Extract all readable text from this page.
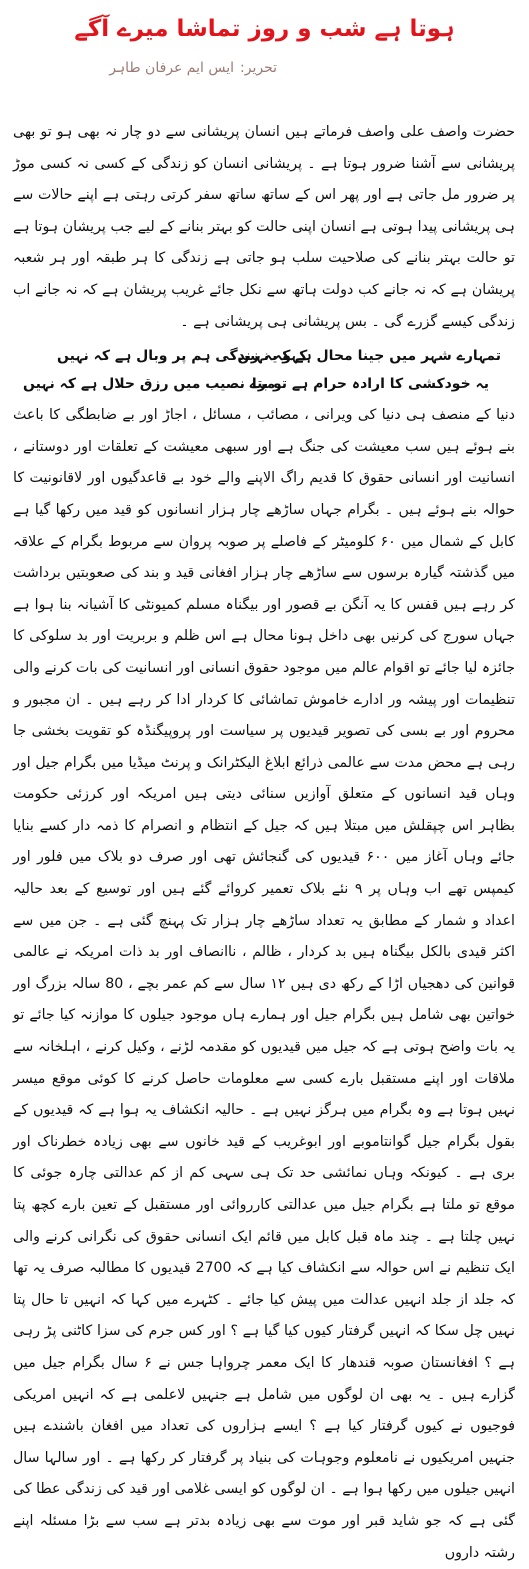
ہوتا ہے شب و روز تماشا میرے آگے
تحریر:ایس ایم عرفان طاہر

حضرت واصف علی واصف فرماتے ہیں انسان پریشانی سے دو چار نہ بھی ہو تو بھی پریشانی سے آشنا ضرور ہوتا ہے ۔ پریشانی انسان کو زندگی کے کسی نہ کسی موڑ پر ضرور مل جاتی ہے اور پھر اس کے ساتھ ساتھ سفر کرتی رہتی ہے اپنے حالات سے ہی پریشانی پیدا ہوتی ہے انسان اپنی حالت کو بہتر بنانے کے لیے جب پریشان ہوتا ہے تو حالت بہتر بنانے کی صلاحیت سلب ہو جاتی ہے زندگی کا ہر طبقہ اور ہر شعبہ پریشان ہے کہ نہ جانے کب دولت ہاتھ سے نکل جائے غریب پریشان ہے کہ نہ جانے اب زندگی کیسے گزرے گی ۔ بس پریشانی ہی پریشانی ہے ۔

تمہارے شہر میں جینا محال ہے کہ نہیں
کہو یہ زندگی ہم پر وبال ہے کہ نہیں
یہ خودکشی کا ارادہ حرام ہے تو بتا
مرے نصیب میں رزق حلال ہے کہ نہیں

دنیا کے منصف ہی دنیا کی ویرانی ، مصائب ، مسائل ، اجاڑ اور بے ضابطگی کا باعث بنے ہوئے ہیں سب معیشت کی جنگ ہے اور سبھی معیشت کے تعلقات اور دوستانے ، انسانیت اور انسانی حقوق کا قدیم راگ الاپنے والے خود بے قاعدگیوں اور لاقانونیت کا حوالہ بنے ہوئے ہیں ۔ بگرام جہاں ساڑھے چار ہزار انسانوں کو قید میں رکھا گیا ہے کابل کے شمال میں ۶۰ کلومیٹر کے فاصلے پر صوبہ پروان سے مربوط بگرام کے علاقہ میں گذشتہ گیارہ برسوں سے ساڑھے چار ہزار افغانی قید و بند کی صعوبتیں برداشت کر رہے ہیں قفس کا یہ آنگن بے قصور اور بیگناہ مسلم کمیونٹی کا آشیانہ بنا ہوا ہے جہاں سورج کی کرنیں بھی داخل ہونا محال ہے اس ظلم و بربریت اور بد سلوکی کا جائزہ لیا جائے تو اقوام عالم میں موجود حقوق انسانی اور انسانیت کی بات کرنے والی تنظیمات اور پیشہ ور ادارے خاموش تماشائی کا کردار ادا کر رہے ہیں ۔ ان مجبور و محروم اور بے بسی کی تصویر قیدیوں پر سیاست اور پروپیگنڈہ کو تقویت بخشی جا رہی ہے محض مدت سے عالمی ذرائع ابلاغ الیکٹرانک و پرنٹ میڈیا میں بگرام جیل اور وہاں قید انسانوں کے متعلق آوازیں سنائی دیتی ہیں امریکہ اور کرزئی حکومت بظاہر اس چپقلش میں مبتلا ہیں کہ جیل کے انتظام و انصرام کا ذمہ دار کسے بنایا جائے وہاں آغاز میں ۶۰۰ قیدیوں کی گنجائش تھی اور صرف دو بلاک میں فلور اور کیمپس تھے اب وہاں پر ۹ نئے بلاک تعمیر کروائے گئے ہیں اور توسیع کے بعد حالیہ اعداد و شمار کے مطابق یہ تعداد ساڑھے چار ہزار تک پہنچ گئی ہے ۔ جن میں سے اکثر قیدی بالکل بیگناہ ہیں بد کردار ، ظالم ، ناانصاف اور بد ذات امریکہ نے عالمی قوانین کی دھجیاں اڑا کے رکھ دی ہیں ۱۲ سال سے کم عمر بچے ، 80 سالہ بزرگ اور خواتین بھی شامل ہیں بگرام جیل اور ہمارے ہاں موجود جیلوں کا موازنہ کیا جائے تو یہ بات واضح ہوتی ہے کہ جیل میں قیدیوں کو مقدمہ لڑنے ، وکیل کرنے ، اہلخانہ سے ملاقات اور اپنے مستقبل بارے کسی سے معلومات حاصل کرنے کا کوئی موقع میسر نہیں ہوتا ہے وہ بگرام میں ہرگز نہیں ہے ۔ حالیہ انکشاف یہ ہوا ہے کہ قیدیوں کے بقول بگرام جیل گوانتاموبے اور ابوغریب کے قید خانوں سے بھی زیادہ خطرناک اور بری ہے ۔ کیونکہ وہاں نمائشی حد تک ہی سہی کم از کم عدالتی چارہ جوئی کا موقع تو ملتا ہے بگرام جیل میں عدالتی کارروائی اور مستقبل کے تعین بارے کچھ پتا نہیں چلتا ہے ۔ چند ماہ قبل کابل میں قائم ایک انسانی حقوق کی نگرانی کرنے والی ایک تنظیم نے اس حوالہ سے انکشاف کیا ہے کہ 2700 قیدیوں کا مطالبہ صرف یہ تھا کہ جلد از جلد انہیں عدالت میں پیش کیا جائے ۔ کٹہرے میں کہا کہ انہیں تا حال پتا نہیں چل سکا کہ انہیں گرفتار کیوں کیا گیا ہے ؟ اور کس جرم کی سزا کاٹنی پڑ رہی ہے ؟ افغانستان صوبہ قندھار کا ایک معمر چرواہا جس نے ۶ سال بگرام جیل میں گزارے ہیں ۔ یہ بھی ان لوگوں میں شامل ہے جنہیں لاعلمی ہے کہ انہیں امریکی فوجیوں نے کیوں گرفتار کیا ہے ؟ ایسے ہزاروں کی تعداد میں افغان باشندے ہیں جنہیں امریکیوں نے نامعلوم وجوہات کی بنیاد پر گرفتار کر رکھا ہے ۔ اور سالہا سال انہیں جیلوں میں رکھا ہوا ہے ۔ ان لوگوں کو ایسی غلامی اور قید کی زندگی عطا کی گئی ہے کہ جو شاید قبر اور موت سے بھی زیادہ بدتر ہے سب سے بڑا مسئلہ اپنے رشتہ داروں
